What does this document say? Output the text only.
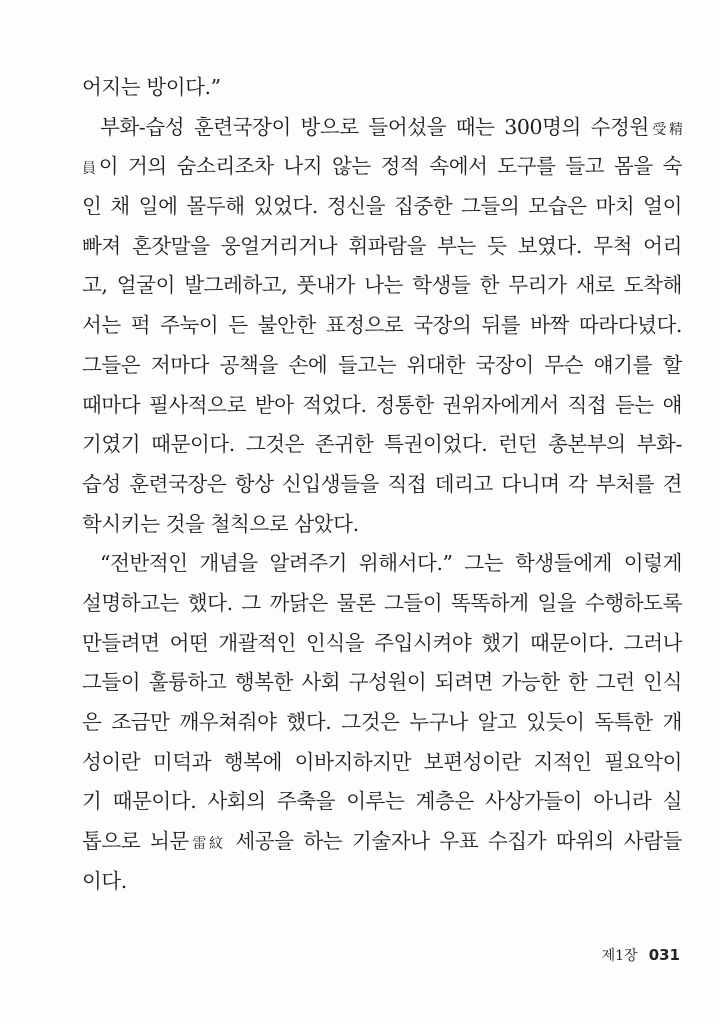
어지는 방이다.”
부화-습성 훈련국장이 방으로 들어섰을 때는 300명의 수정원受精
員이 거의 숨소리조차 나지 않는 정적 속에서 도구를 들고 몸을 숙
인 채 일에 몰두해 있었다. 정신을 집중한 그들의 모습은 마치 얼이
빠져 혼잣말을 웅얼거리거나 휘파람을 부는 듯 보였다. 무척 어리
고, 얼굴이 발그레하고, 풋내가 나는 학생들 한 무리가 새로 도착해
서는 퍽 주눅이 든 불안한 표정으로 국장의 뒤를 바짝 따라다녔다.
그들은 저마다 공책을 손에 들고는 위대한 국장이 무슨 얘기를 할
때마다 필사적으로 받아 적었다. 정통한 권위자에게서 직접 듣는 얘
기였기 때문이다. 그것은 존귀한 특권이었다. 런던 총본부의 부화-
습성 훈련국장은 항상 신입생들을 직접 데리고 다니며 각 부처를 견
학시키는 것을 철칙으로 삼았다.
“전반적인 개념을 알려주기 위해서다.” 그는 학생들에게 이렇게
설명하고는 했다. 그 까닭은 물론 그들이 똑똑하게 일을 수행하도록
만들려면 어떤 개괄적인 인식을 주입시켜야 했기 때문이다. 그러나
그들이 훌륭하고 행복한 사회 구성원이 되려면 가능한 한 그런 인식
은 조금만 깨우쳐줘야 했다. 그것은 누구나 알고 있듯이 독특한 개
성이란 미덕과 행복에 이바지하지만 보편성이란 지적인 필요악이
기 때문이다. 사회의 주축을 이루는 계층은 사상가들이 아니라 실
톱으로 뇌문雷紋 세공을 하는 기술자나 우표 수집가 따위의 사람들
이다.
제1장 031
